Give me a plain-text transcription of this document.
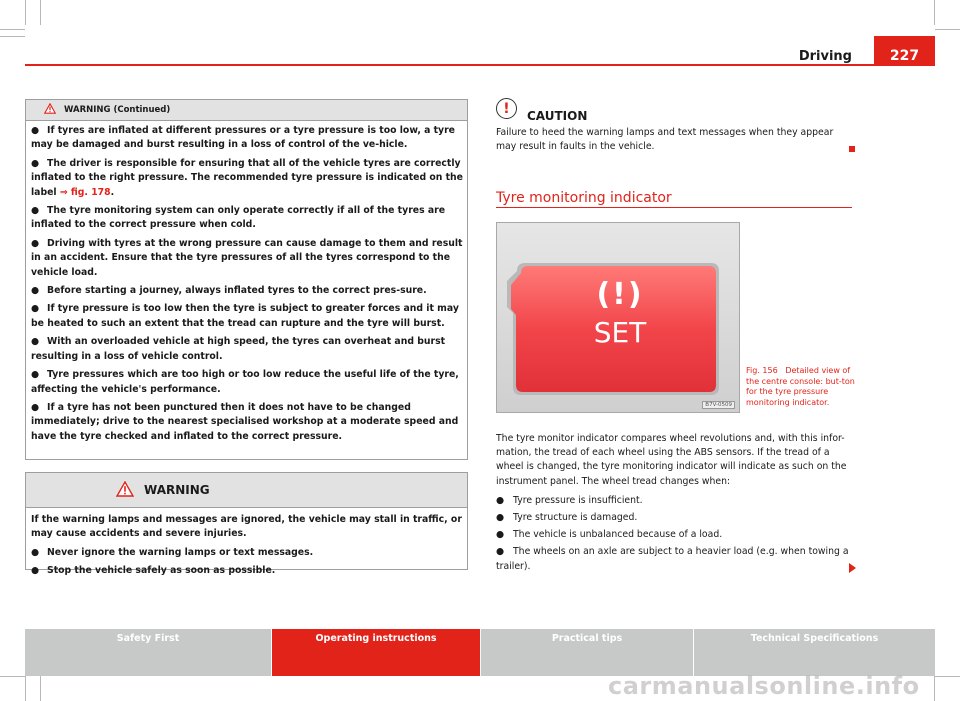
Driving	227
WARNING (Continued)
● If tyres are inflated at different pressures or a tyre pressure is too low, a tyre may be damaged and burst resulting in a loss of control of the ve-hicle.
● The driver is responsible for ensuring that all of the vehicle tyres are correctly inflated to the right pressure. The recommended tyre pressure is indicated on the label ⇒ fig. 178.
● The tyre monitoring system can only operate correctly if all of the tyres are inflated to the correct pressure when cold.
● Driving with tyres at the wrong pressure can cause damage to them and result in an accident. Ensure that the tyre pressures of all the tyres correspond to the vehicle load.
● Before starting a journey, always inflated tyres to the correct pres-sure.
● If tyre pressure is too low then the tyre is subject to greater forces and it may be heated to such an extent that the tread can rupture and the tyre will burst.
● With an overloaded vehicle at high speed, the tyres can overheat and burst resulting in a loss of vehicle control.
● Tyre pressures which are too high or too low reduce the useful life of the tyre, affecting the vehicle's performance.
● If a tyre has not been punctured then it does not have to be changed immediately; drive to the nearest specialised workshop at a moderate speed and have the tyre checked and inflated to the correct pressure.
WARNING

If the warning lamps and messages are ignored, the vehicle may stall in traffic, or may cause accidents and severe injuries.

● Never ignore the warning lamps or text messages.

● Stop the vehicle safely as soon as possible.

!	CAUTION
Failure to heed the warning lamps and text messages when they appear may result in faults in the vehicle.
Tyre monitoring indicator
(!)
SET
B7V-0509
Fig. 156 Detailed view of the centre console: but-ton for the tyre pressure monitoring indicator.

The tyre monitor indicator compares wheel revolutions and, with this infor-mation, the tread of each wheel using the ABS sensors. If the tread of a wheel is changed, the tyre monitoring indicator will indicate as such on the instrument panel. The wheel tread changes when:

● Tyre pressure is insufficient.
● Tyre structure is damaged.
● The vehicle is unbalanced because of a load.
● The wheels on an axle are subject to a heavier load (e.g. when towing a trailer).
Safety First	Operating instructions	Practical tips	Technical Specifications
carmanualsonline.info
